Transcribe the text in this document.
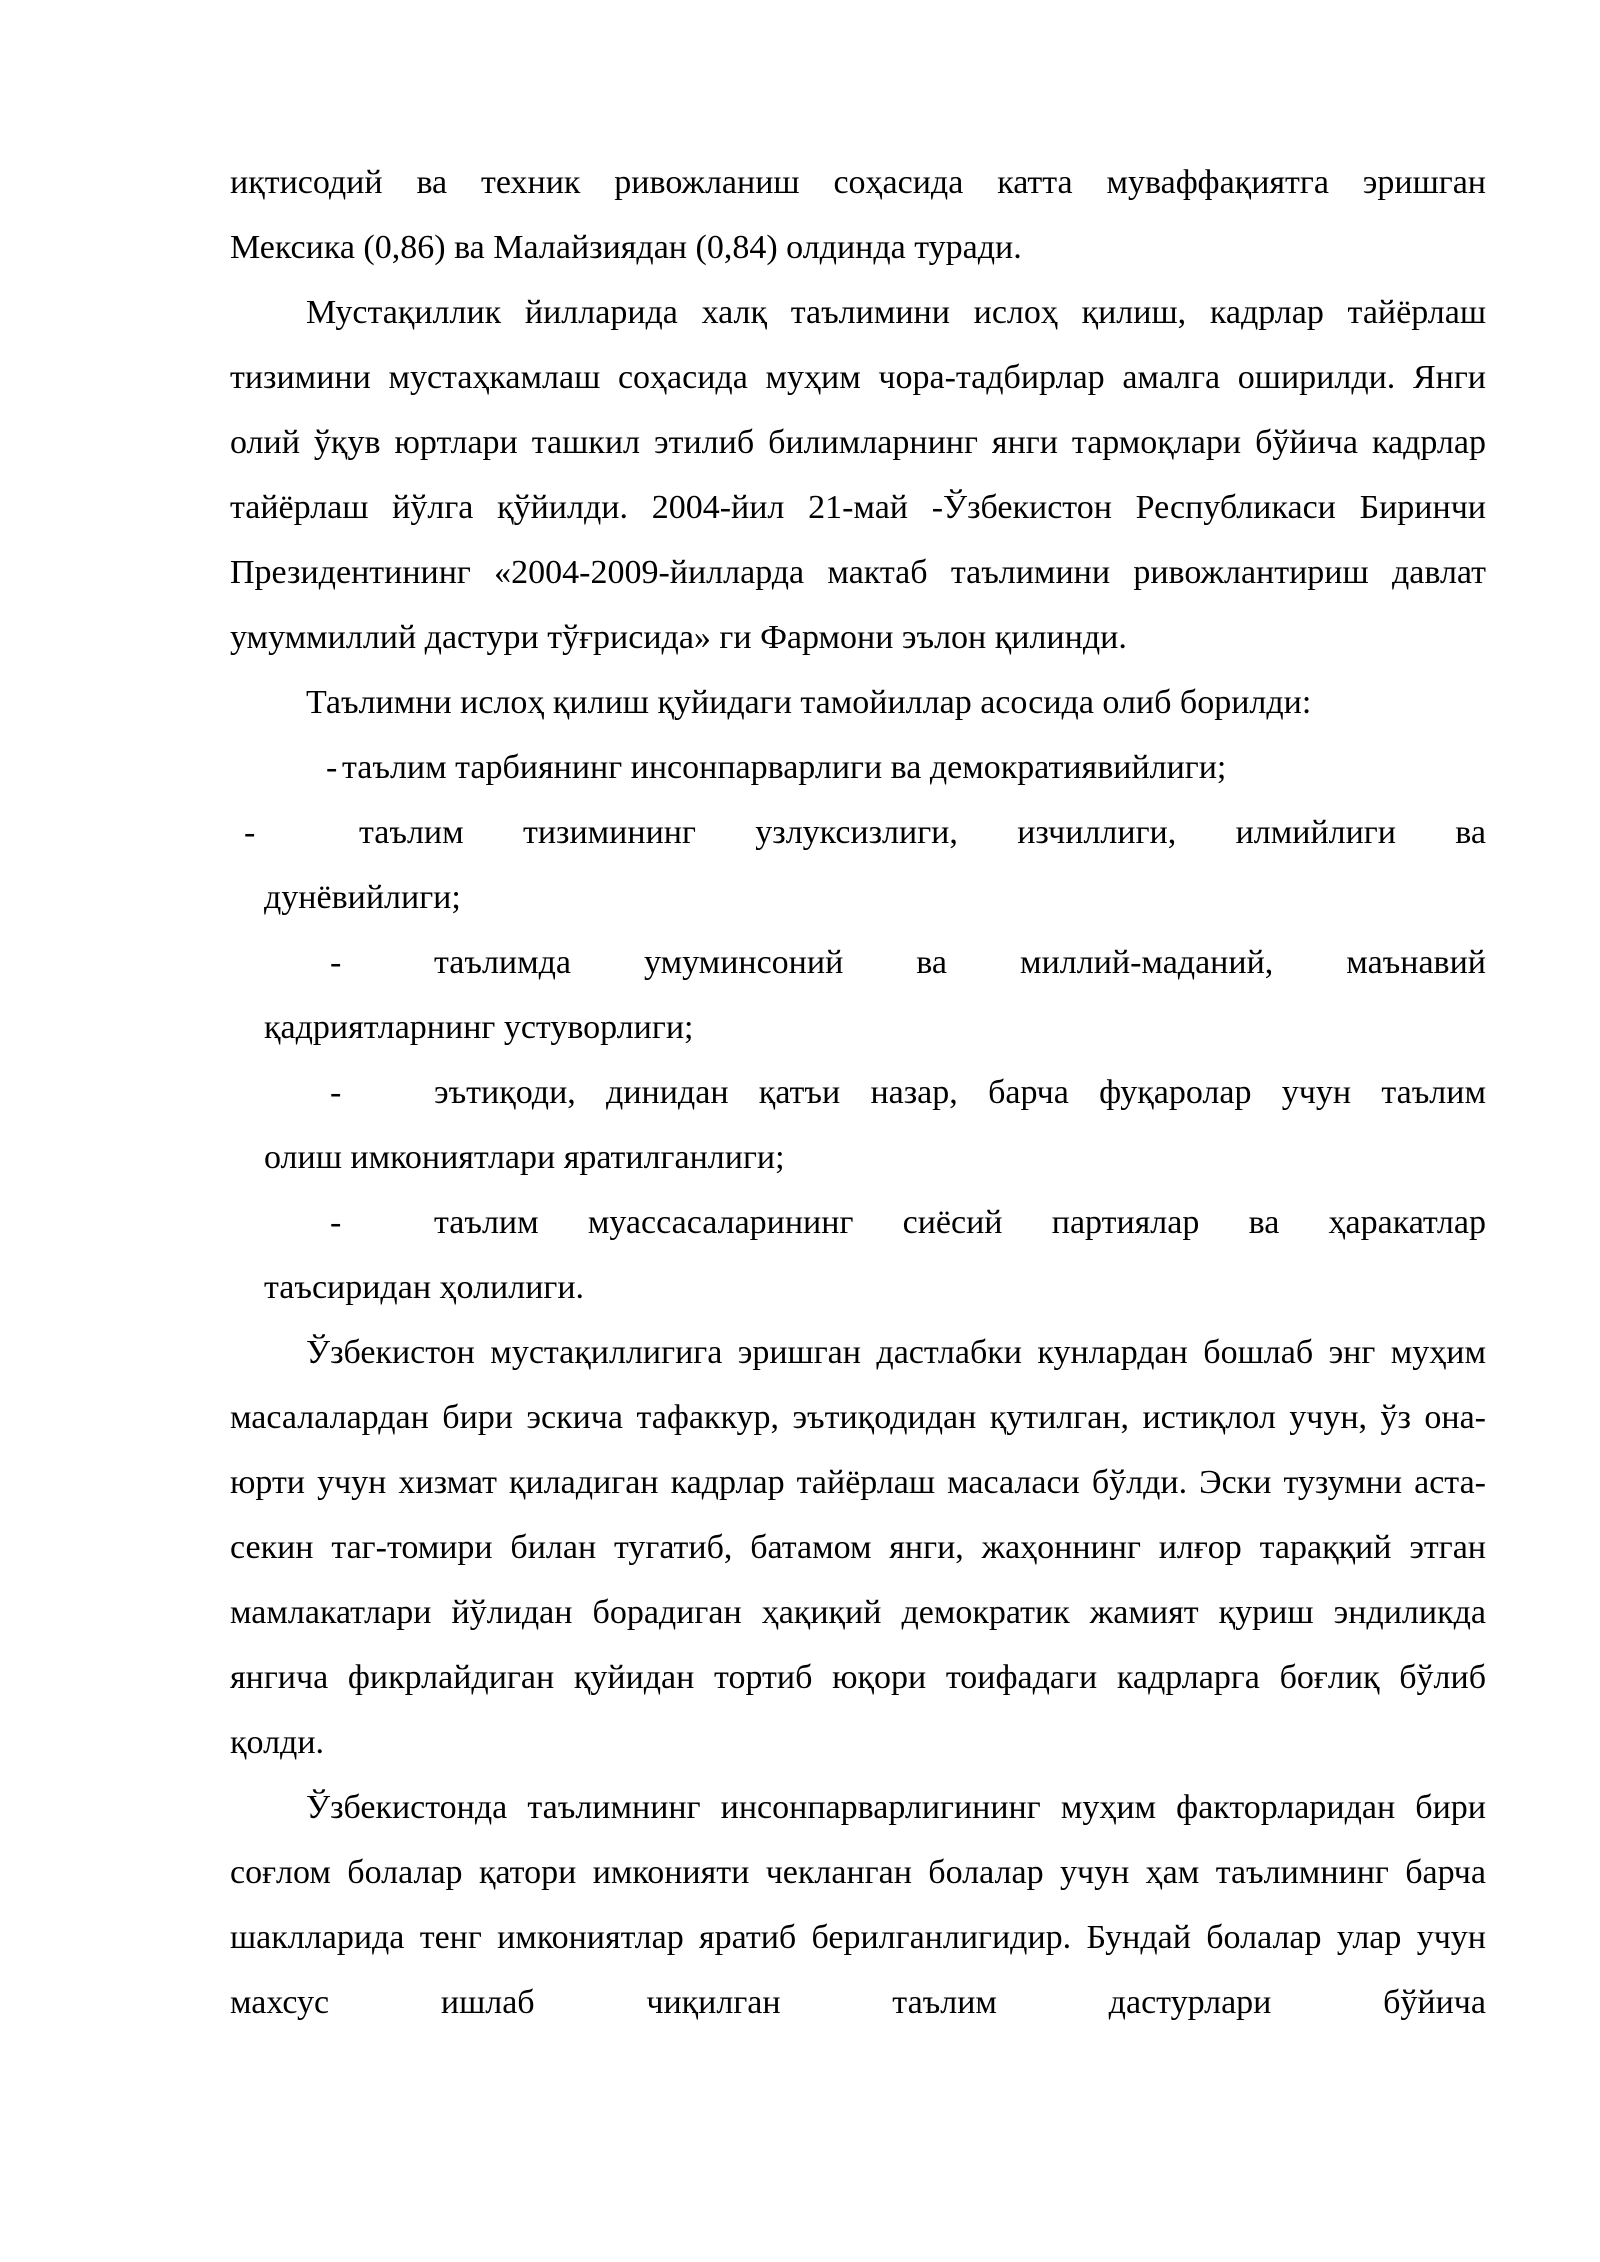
иқтисодий ва техник ривожланиш соҳасида катта муваффақиятга эришган

Мексика (0,86) ва Малайзиядан (0,84) олдинда туради.

Мустақиллик йилларида халқ таълимини ислоҳ қилиш, кадрлар тайёрлаш тизимини мустаҳкамлаш соҳасида муҳим чора-тадбирлар амалга оширилди. Янги олий ўқув юртлари ташкил этилиб билимларнинг янги тармоқлари бўйича кадрлар тайёрлаш йўлга қўйилди. 2004-йил 21-май -Ўзбекистон Республикаси Биринчи Президентининг «2004-2009-йилларда мактаб таълимини ривожлантириш давлат умуммиллий дастури тўғрисида» ги Фармони эълон қилинди.

Таълимни ислоҳ қилиш қуйидаги тамойиллар асосида олиб борилди:

- таълим тарбиянинг инсонпарварлиги ва демократиявийлиги;

-	таълим тизимининг узлуксизлиги, изчиллиги, илмийлиги ва

дунёвийлиги;

-	таълимда умуминсоний ва миллий-маданий, маънавий

қадриятларнинг устуворлиги;

-	эътиқоди, динидан қатъи назар, барча фуқаролар учун таълим

олиш имкониятлари яратилганлиги;

-	таълим муассасаларининг сиёсий партиялар ва ҳаракатлар

таъсиридан ҳолилиги.

Ўзбекистон мустақиллигига эришган дастлабки кунлардан бошлаб энг муҳим масалалардан бири эскича тафаккур, эътиқодидан қутилган, истиқлол учун, ўз она-юрти учун хизмат қиладиган кадрлар тайёрлаш масаласи бўлди. Эски тузумни аста-секин таг-томири билан тугатиб, батамом янги, жаҳоннинг илғор тараққий этган мамлакатлари йўлидан борадиган ҳақиқий демократик жамият қуриш эндиликда янгича фикрлайдиган қуйидан тортиб юқори тоифадаги кадрларга боғлиқ бўлиб қолди.

Ўзбекистонда таълимнинг инсонпарварлигининг муҳим факторларидан бири соғлом болалар қатори имконияти чекланган болалар учун ҳам таълимнинг барча шаклларида тенг имкониятлар яратиб берилганлигидир. Бундай болалар улар учун махсус ишлаб чиқилган таълим дастурлари бўйича
